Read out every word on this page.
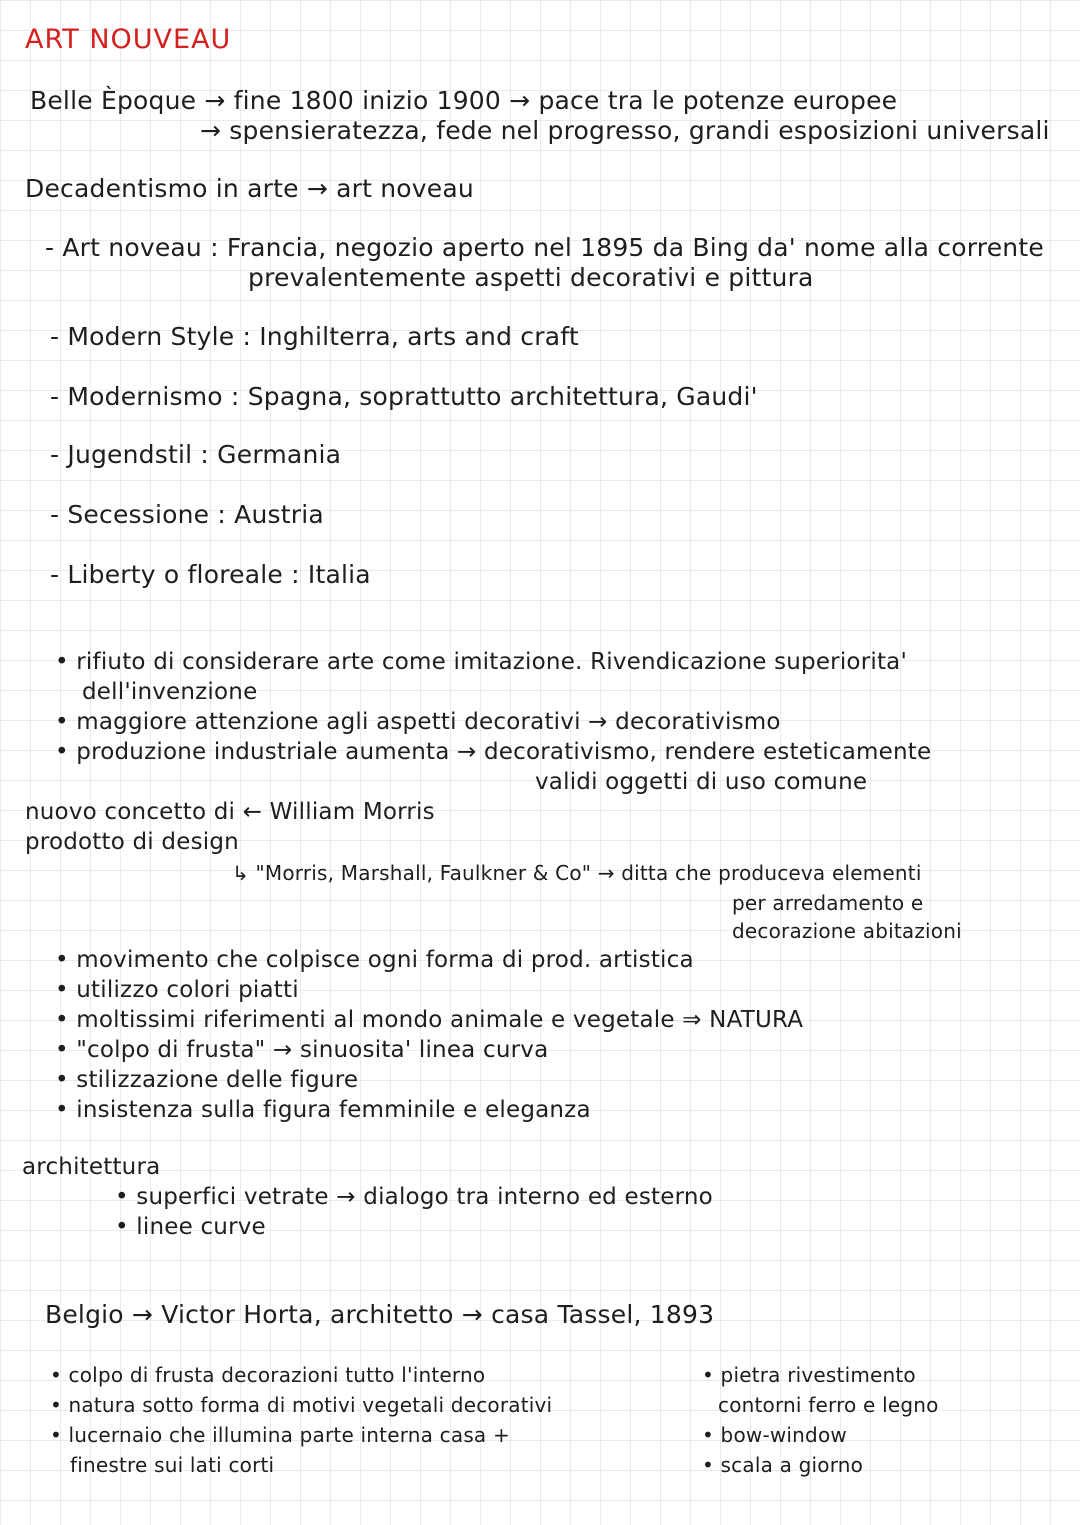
ART NOUVEAU
Belle Èpoque → fine 1800 inizio 1900 → pace tra le potenze europee
→ spensieratezza, fede nel progresso, grandi esposizioni universali
Decadentismo in arte → art noveau
- Art noveau : Francia, negozio aperto nel 1895 da Bing da' nome alla corrente
prevalentemente aspetti decorativi e pittura
- Modern Style : Inghilterra, arts and craft
- Modernismo : Spagna, soprattutto architettura, Gaudi'
- Jugendstil : Germania
- Secessione : Austria
- Liberty o floreale : Italia
• rifiuto di considerare arte come imitazione. Rivendicazione superiorita'
dell'invenzione
• maggiore attenzione agli aspetti decorativi → decorativismo
• produzione industriale aumenta → decorativismo, rendere esteticamente
validi oggetti di uso comune
nuovo concetto di ← William Morris
prodotto di design
↳ "Morris, Marshall, Faulkner & Co" → ditta che produceva elementi
per arredamento e
decorazione abitazioni
• movimento che colpisce ogni forma di prod. artistica
• utilizzo colori piatti
• moltissimi riferimenti al mondo animale e vegetale ⇒ NATURA
• "colpo di frusta" → sinuosita' linea curva
• stilizzazione delle figure
• insistenza sulla figura femminile e eleganza
architettura
• superfici vetrate → dialogo tra interno ed esterno
• linee curve
Belgio → Victor Horta, architetto → casa Tassel, 1893
• colpo di frusta decorazioni tutto l'interno
• natura sotto forma di motivi vegetali decorativi
• lucernaio che illumina parte interna casa +
finestre sui lati corti
• pietra rivestimento
contorni ferro e legno
• bow-window
• scala a giorno
